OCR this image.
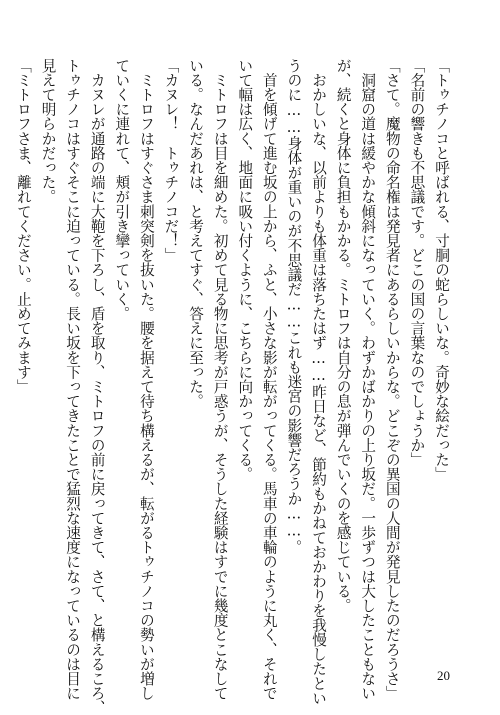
「トゥチノコと呼ばれる、寸胴の蛇らしいな。奇妙な絵だった」
「名前の響きも不思議です。どこの国の言葉なのでしょうか」
「さて。魔物の命名権は発見者にあるらしいからな。どこぞの異国の人間が発見したのだろうさ」
　洞窟の道は緩やかな傾斜になっていく。わずかばかりの上り坂だ。一歩ずつは大したこともない
が、続くと身体に負担もかかる。ミトロフは自分の息が弾んでいくのを感じている。
　おかしいな、以前よりも体重は落ちたはず……昨日など、節約もかねておかわりを我慢したとい
うのに……身体が重いのが不思議だ……これも迷宮の影響だろうか……。
　首を傾げて進む坂の上から、ふと、小さな影が転がってくる。馬車の車輪のように丸く、それで
いて幅は広く、地面に吸い付くように、こちらに向かってくる。
　ミトロフは目を細めた。初めて見る物に思考が戸惑うが、そうした経験はすでに幾度とこなして
いる。なんだあれは、と考えてすぐ、答えに至った。
「カヌレ！　トゥチノコだ！」
　ミトロフはすぐさま刺突剣を抜いた。腰を据えて待ち構えるが、転がるトゥチノコの勢いが増し
ていくに連れて、頬が引き攣っていく。
　カヌレが通路の端に大鞄を下ろし、盾を取り、ミトロフの前に戻ってきて、さて、と構えるころ、
トゥチノコはすぐそこに迫っている。長い坂を下ってきたことで猛烈な速度になっているのは目に
見えて明らかだった。
「ミトロフさま、離れてください。止めてみます」
20
